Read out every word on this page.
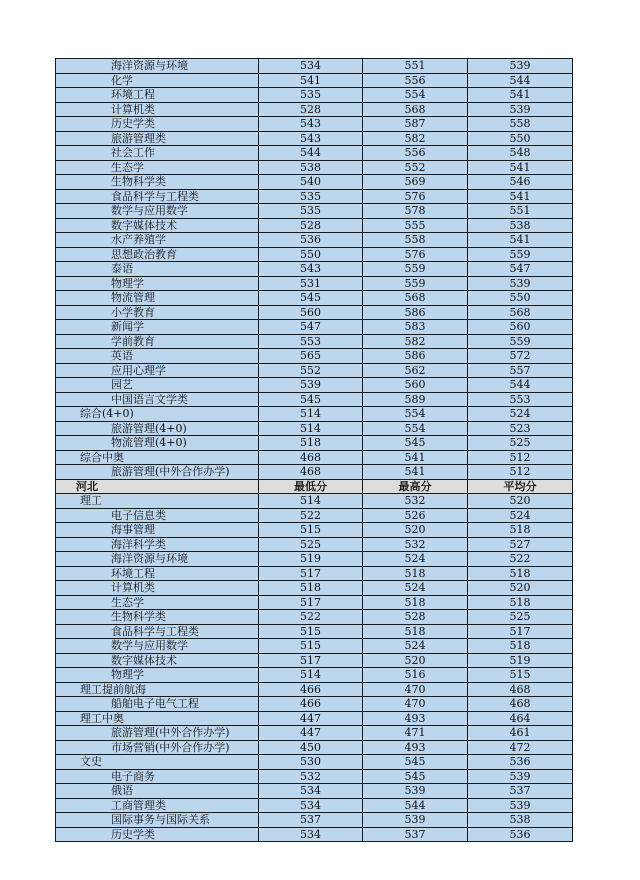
海洋资源与环境	534	551	539
化学	541	556	544
环境工程	535	554	541
计算机类	528	568	539
历史学类	543	587	558
旅游管理类	543	582	550
社会工作	544	556	548
生态学	538	552	541
生物科学类	540	569	546
食品科学与工程类	535	576	541
数学与应用数学	535	578	551
数字媒体技术	528	555	538
水产养殖学	536	558	541
思想政治教育	550	576	559
泰语	543	559	547
物理学	531	559	539
物流管理	545	568	550
小学教育	560	586	568
新闻学	547	583	560
学前教育	553	582	559
英语	565	586	572
应用心理学	552	562	557
园艺	539	560	544
中国语言文学类	545	589	553
综合(4+0)	514	554	524
旅游管理(4+0)	514	554	523
物流管理(4+0)	518	545	525
综合中奥	468	541	512
旅游管理(中外合作办学)	468	541	512
河北	最低分	最高分	平均分
理工	514	532	520
电子信息类	522	526	524
海事管理	515	520	518
海洋科学类	525	532	527
海洋资源与环境	519	524	522
环境工程	517	518	518
计算机类	518	524	520
生态学	517	518	518
生物科学类	522	528	525
食品科学与工程类	515	518	517
数学与应用数学	515	524	518
数字媒体技术	517	520	519
物理学	514	516	515
理工提前航海	466	470	468
船舶电子电气工程	466	470	468
理工中奥	447	493	464
旅游管理(中外合作办学)	447	471	461
市场营销(中外合作办学)	450	493	472
文史	530	545	536
电子商务	532	545	539
俄语	534	539	537
工商管理类	534	544	539
国际事务与国际关系	537	539	538
历史学类	534	537	536
